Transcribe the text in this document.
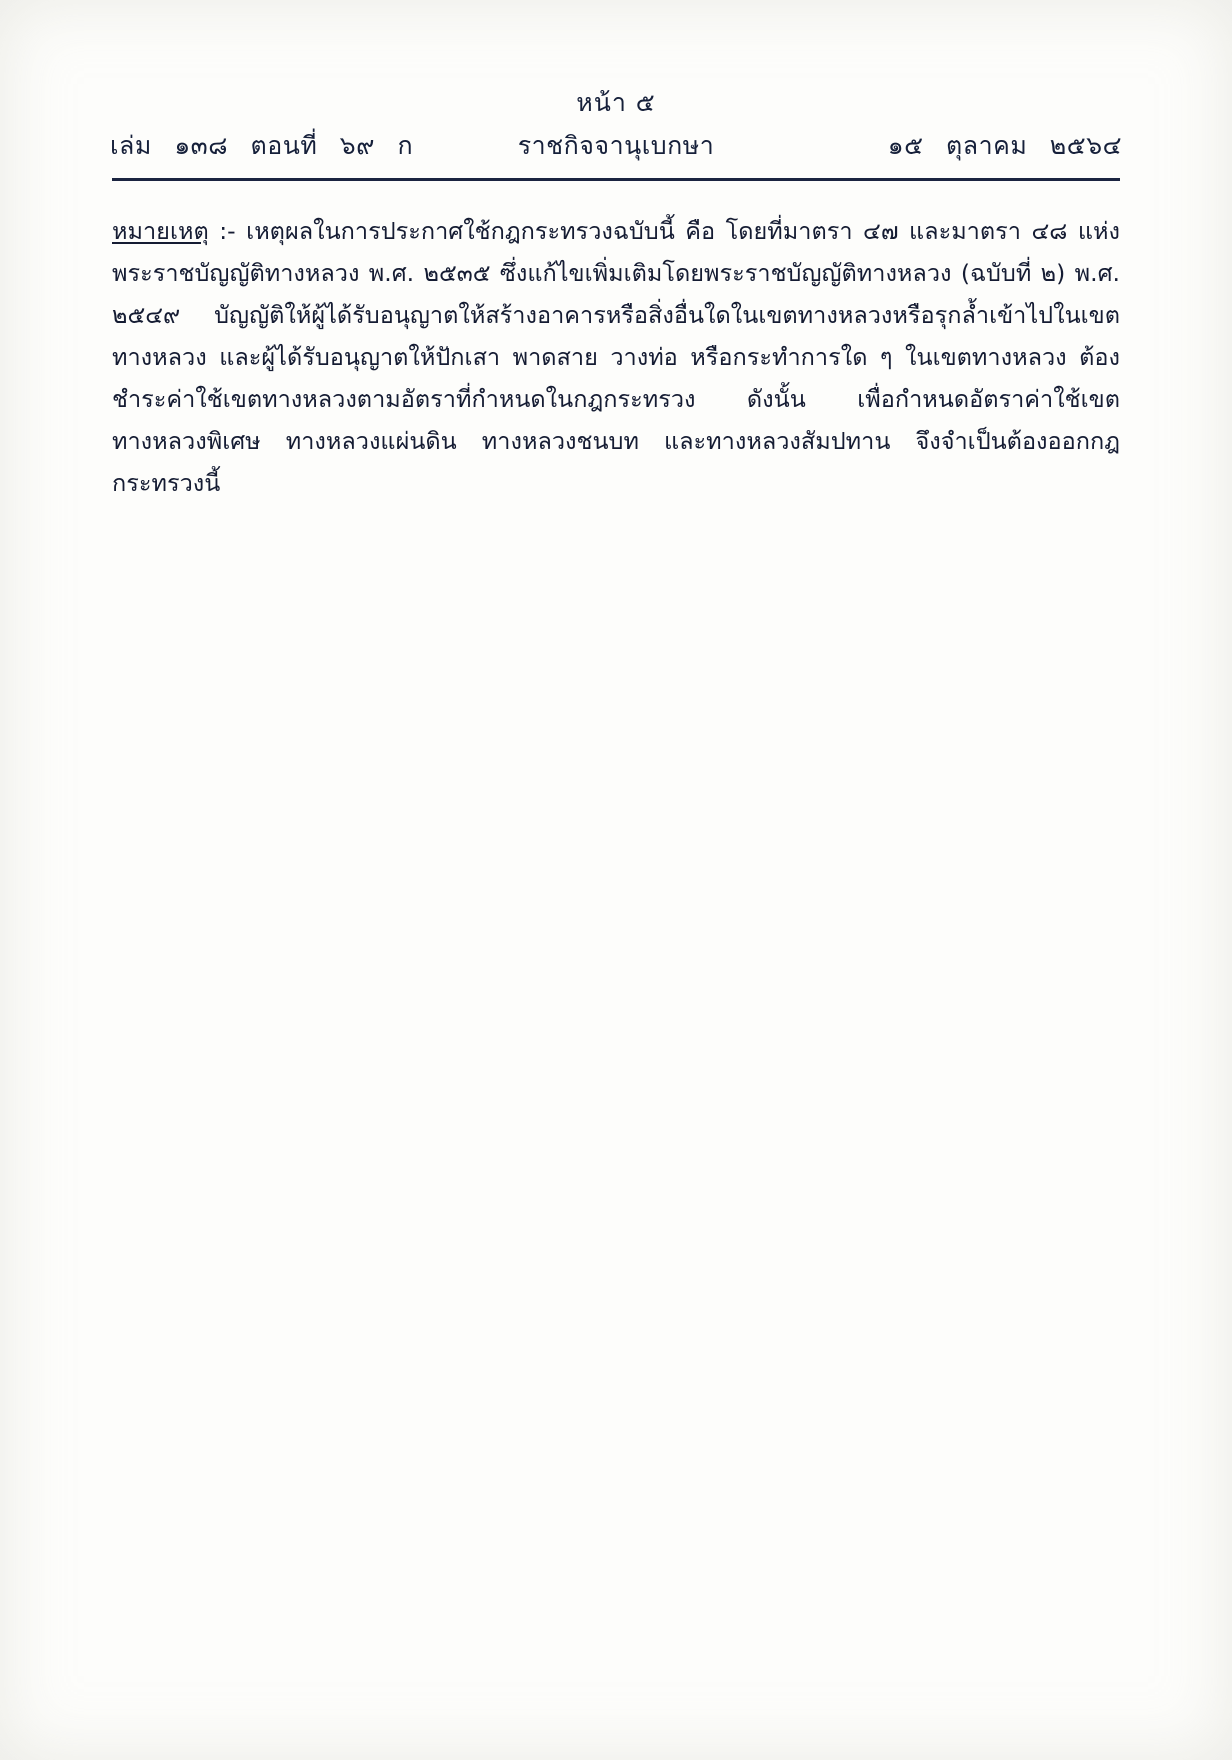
หน้า ๕
เล่ม ๑๓๘ ตอนที่ ๖๙ ก	ราชกิจจานุเบกษา	๑๕ ตุลาคม ๒๕๖๔

หมายเหตุ :- เหตุผลในการประกาศใช้กฎกระทรวงฉบับนี้ คือ โดยที่มาตรา ๔๗ และมาตรา ๔๘ แห่งพระราชบัญญัติทางหลวง พ.ศ. ๒๕๓๕ ซึ่งแก้ไขเพิ่มเติมโดยพระราชบัญญัติทางหลวง (ฉบับที่ ๒) พ.ศ. ๒๕๔๙ บัญญัติให้ผู้ได้รับอนุญาตให้สร้างอาคารหรือสิ่งอื่นใดในเขตทางหลวงหรือรุกล้ำเข้าไปในเขตทางหลวง และผู้ได้รับอนุญาตให้ปักเสา พาดสาย วางท่อ หรือกระทำการใด ๆ ในเขตทางหลวง ต้องชำระค่าใช้เขตทางหลวงตามอัตราที่กำหนดในกฎกระทรวง ดังนั้น เพื่อกำหนดอัตราค่าใช้เขตทางหลวงพิเศษ ทางหลวงแผ่นดิน ทางหลวงชนบท และทางหลวงสัมปทาน จึงจำเป็นต้องออกกฎกระทรวงนี้
